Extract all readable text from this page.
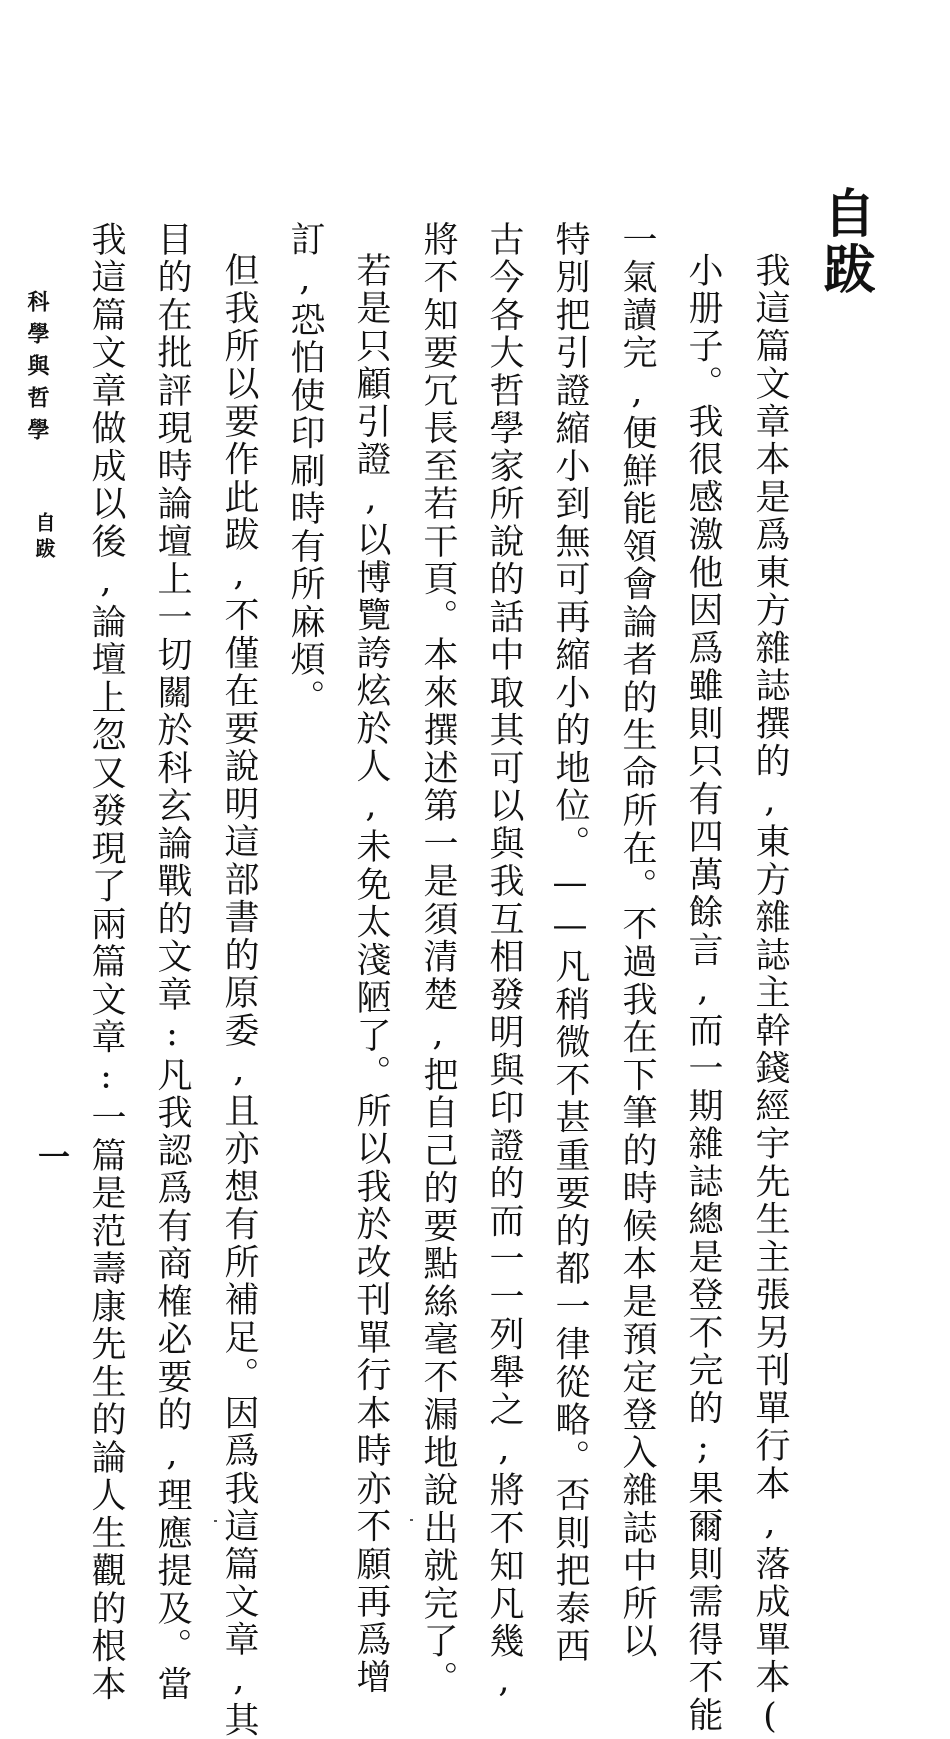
自跋
我這篇文章本是爲東方雜誌撰的,東方雜誌主幹錢經宇先生主張另刊單行本,落成單本(
小册子。我很感激他因爲雖則只有四萬餘言,而一期雜誌總是登不完的;果爾則需得不能
一氣讀完,便鮮能領會論者的生命所在。不過我在下筆的時候本是預定登入雜誌中所以
特別把引證縮小到無可再縮小的地位。——凡稍微不甚重要的都一律從略。否則把泰西
古今各大哲學家所說的話中取其可以與我互相發明與印證的而一一列舉之,將不知凡幾,
將不知要冗長至若干頁。本來撰述第一是須清楚,把自己的要點絲毫不漏地說出就完了。
若是只顧引證,以博覽誇炫於人,未免太淺陋了。所以我於改刊單行本時亦不願再爲增
訂,恐怕使印刷時有所麻煩。
但我所以要作此跋,不僅在要說明這部書的原委,且亦想有所補足。因爲我這篇文章,其
目的在批評現時論壇上一切關於科玄論戰的文章:凡我認爲有商榷必要的,理應提及。當
我這篇文章做成以後,論壇上忽又發現了兩篇文章:一篇是范壽康先生的論人生觀的根本
科學與哲學
自跋
一
